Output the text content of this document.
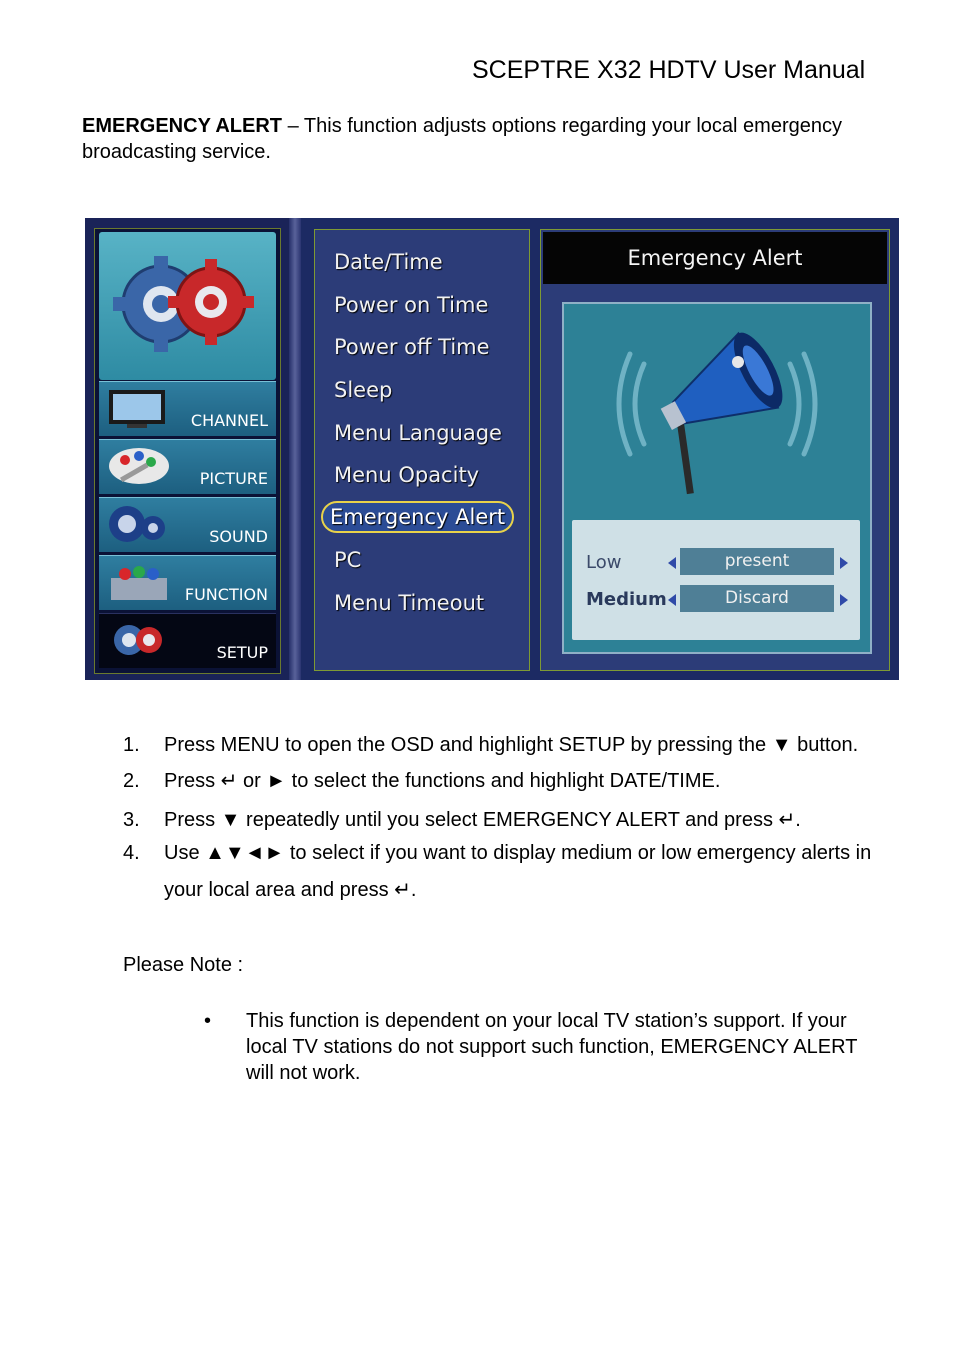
SCEPTRE X32 HDTV User Manual
EMERGENCY ALERT – This function adjusts options regarding your local emergency broadcasting service.
CHANNEL
PICTURE
SOUND
FUNCTION
SETUP
Date/Time
Power on Time
Power off Time
Sleep
Menu Language
Menu Opacity
Emergency Alert
PC
Menu Timeout
Emergency Alert
Low	present
Medium	Discard
1. Press MENU to open the OSD and highlight SETUP by pressing the ▼ button.
2. Press ↵ or ► to select the functions and highlight DATE/TIME.
3. Press ▼ repeatedly until you select EMERGENCY ALERT and press ↵.
4. Use ▲▼◄► to select if you want to display medium or low emergency alerts in your local area and press ↵.
Please Note :
• This function is dependent on your local TV station’s support. If your local TV stations do not support such function, EMERGENCY ALERT will not work.
